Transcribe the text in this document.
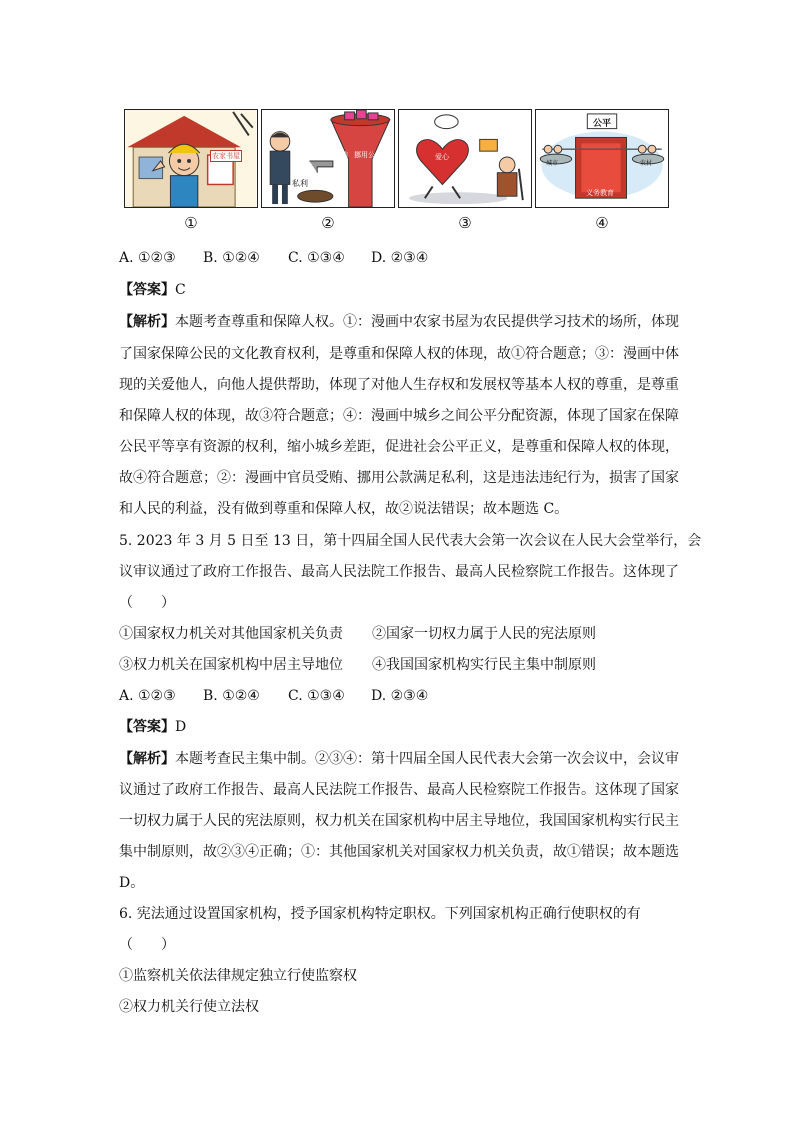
农家书屋
私利
受贿 挪用公款	爱心
公平
义务教育
城市	农村
①	②	③	④
A. ①②③ B. ①②④ C. ①③④ D. ②③④
【答案】C
【解析】本题考查尊重和保障人权。①：漫画中农家书屋为农民提供学习技术的场所，体现
了国家保障公民的文化教育权利，是尊重和保障人权的体现，故①符合题意；③：漫画中体
现的关爱他人，向他人提供帮助，体现了对他人生存权和发展权等基本人权的尊重，是尊重
和保障人权的体现，故③符合题意；④：漫画中城乡之间公平分配资源，体现了国家在保障
公民平等享有资源的权利，缩小城乡差距，促进社会公平正义，是尊重和保障人权的体现，
故④符合题意；②：漫画中官员受贿、挪用公款满足私利，这是违法违纪行为，损害了国家
和人民的利益，没有做到尊重和保障人权，故②说法错误；故本题选 C。
5. 2023 年 3 月 5 日至 13 日，第十四届全国人民代表大会第一次会议在人民大会堂举行，会
议审议通过了政府工作报告、最高人民法院工作报告、最高人民检察院工作报告。这体现了
（　　）
①国家权力机关对其他国家机关负责 ②国家一切权力属于人民的宪法原则
③权力机关在国家机构中居主导地位 ④我国国家机构实行民主集中制原则
A. ①②③ B. ①②④ C. ①③④ D. ②③④
【答案】D
【解析】本题考查民主集中制。②③④：第十四届全国人民代表大会第一次会议中，会议审
议通过了政府工作报告、最高人民法院工作报告、最高人民检察院工作报告。这体现了国家
一切权力属于人民的宪法原则，权力机关在国家机构中居主导地位，我国国家机构实行民主
集中制原则，故②③④正确；①：其他国家机关对国家权力机关负责，故①错误；故本题选
D。
6. 宪法通过设置国家机构，授予国家机构特定职权。下列国家机构正确行使职权的有
（　　）
①监察机关依法律规定独立行使监察权
②权力机关行使立法权
